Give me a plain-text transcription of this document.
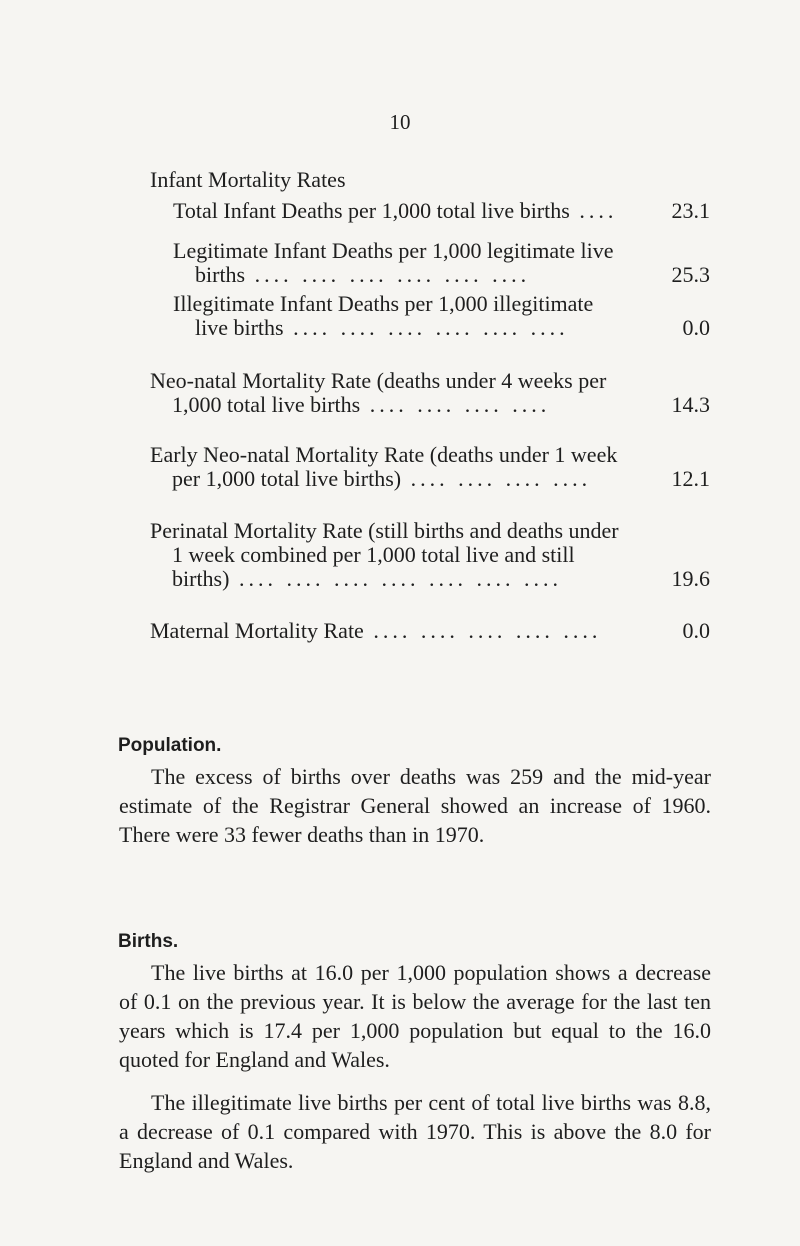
10
Infant Mortality Rates
Total Infant Deaths per 1,000 total live births ....	23.1
Legitimate Infant Deaths per 1,000 legitimate live
births .... .... .... .... .... ....	25.3
Illegitimate Infant Deaths per 1,000 illegitimate
live births .... .... .... .... .... ....	0.0
Neo-natal Mortality Rate (deaths under 4 weeks per
1,000 total live births .... .... .... ....	14.3
Early Neo-natal Mortality Rate (deaths under 1 week
per 1,000 total live births) .... .... .... ....	12.1
Perinatal Mortality Rate (still births and deaths under
1 week combined per 1,000 total live and still
births) .... .... .... .... .... .... ....	19.6
Maternal Mortality Rate .... .... .... .... ....	0.0
Population.
The excess of births over deaths was 259 and the mid-year estimate of the Registrar General showed an increase of 1960. There were 33 fewer deaths than in 1970.
Births.
The live births at 16.0 per 1,000 population shows a decrease of 0.1 on the previous year. It is below the average for the last ten years which is 17.4 per 1,000 population but equal to the 16.0 quoted for England and Wales.
The illegitimate live births per cent of total live births was 8.8, a decrease of 0.1 compared with 1970. This is above the 8.0 for England and Wales.
